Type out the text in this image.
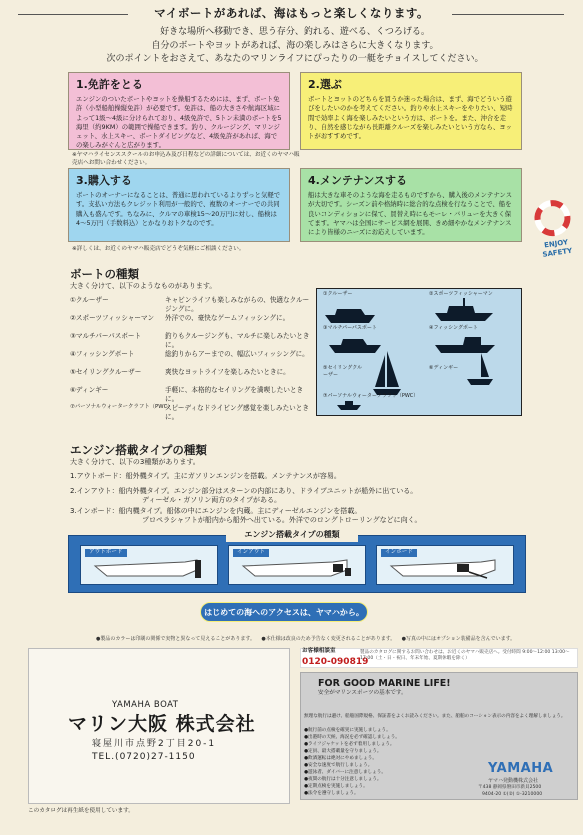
マイボートがあれば、海はもっと楽しくなります。
好きな場所へ移動でき、思う存分、釣れる、遊べる、くつろげる。
自分のボートやヨットがあれば、海の楽しみはさらに大きくなります。
次のポイントをおさえて、あなたのマリンライフにぴったりの一艇をチョイスしてください。
1.免許をとる
エンジンのついたボートやヨットを操船するためには、まず、ボート免許（小型船舶操縦免許）が必要です。免許は、船の大きさや航海区域によって1級〜4級に分けられており、4級免許で、5トン未満のボートを5海里（約9KM）の範囲で操船できます。釣り、クルージング、マリンジェット、水上スキー、ボートダイビングなど、4級免許があれば、海での楽しみがぐんと広がります。
2.選ぶ
ボートとヨットのどちらを買うか迷った場合は、まず、海でどういう遊びをしたいのかを考えてください。釣りや水上スキーをやりたい、短時間で効率よく海を楽しみたいという方は、ボートを。また、沖合を走り、自然を感じながら長距離クルーズを楽しみたいという方なら、ヨットがおすすめです。
※ヤマハライセンススクールのお申込み及び日程などの詳細については、お近くのヤマハ販売店へお問い合わせください。
3.購入する
ボートのオーナーになることは、普通に思われているよりずっと気軽です。支払い方法もクレジット利用が一般的で、複数のオーナーでの共同購入も盛んです。ちなみに、クルマの車検15〜20万円に対し、船検は4〜5万円（手数料込）とかなりおトクなのです。
4.メンテナンスする
船は大きな車そのような海を走るものですから、購入後のメンテナンスが大切です。シーズン前や格納時に総合的な点検を行なうことで、船を良いコンディションに保て、買替え時にもモーレ・バリューを大きく保てます。ヤマハは全国にサービス網を展開、きめ細やかなメンテナンスにより皆様のニーズにお応えしています。
※詳しくは、お近くのヤマハ販売店でどうぞ気軽にご相談ください。	ENJOY
SAFETY
ボートの種類
大きく分けて、以下のようなものがあります。
①クルーザー	キャビンライフも楽しみながらの、快適なクルージングに。
②スポーツフィッシャーマン	外洋での、豪快なゲームフィッシングに。
③マルチパーパスボート	釣りもクルージングも、マルチに楽しみたいときに。
④フィッシングボート	総釣りからアーまでの、幅広いフィッシングに。
⑤セイリングクルーザー	爽快なヨットライフを楽しみたいときに。
⑥ディンギー	手軽に、本格的なセイリングを満喫したいときに。
⑦パーソナルウォータークラフト（PWC）
スピーディなドライビング感覚を楽しみたいときに。
①クルーザー	②スポーツフィッシャーマン
③マルチパーパスボート	④フィッシングボート
⑤セイリングクルーザー
⑥ディンギー
⑦パーソナルウォータークラフト（PWC）
エンジン搭載タイプの種類
大きく分けて、以下の3種類があります。
1.アウトボード：船外機タイプ。主にガソリンエンジンを搭載。メンテナンスが容易。
2.インアウト：船内外機タイプ。エンジン部分はスターンの内部にあり、ドライブユニットが船外に出ている。
ディーゼル・ガソリン両方のタイプがある。
3.インボード：船内機タイプ。船体の中にエンジンを内蔵。主にディーゼルエンジンを搭載。
プロペラシャフトが船内から船外へ出ている。外洋でのロングトローリングなどに向く。
エンジン搭載タイプの種類
アウトボード	インアウト	インボード
はじめての海へのアクセスは、ヤマハから。
●製品のカラーは印刷の関係で実物と異なって見えることがあります。 ●本仕様は改良のため予告なく変更されることがあります。 ●写真の中にはオプション装備品を含んでいます。
YAMAHA BOAT
マリン大阪 株式会社
寝屋川市点野2丁目20-1
TEL.(0720)27-1150
このカタログは再生紙を使用しています。
お客様相談室
0120-090819
製品のカタログに関するお問い合わせは、お近くのヤマハ販売店へ。受付時間 9:00〜12:00 13:00〜17:00（土・日・祝日、年末年始、夏期休暇を除く）
FOR GOOD MARINE LIFE!
安全がマリンスポーツの基本です。
無理な航行は避け、船舶国際規格、保証書をよくお読みください。また、船舶のコーション表示の内容をよく理解しましょう。
●航行前の点検を確実に実施しましょう。
●出港時の天候、海況を必ず確認しましょう。
●ライフジャケットを必ず着用しましょう。
●定員、最大搭載量を守りましょう。
●飲酒運転は絶対にやめましょう。
●安全な速度で航行しましょう。
●遊泳者、ダイバーに注意しましょう。
●夜間の航行は十分注意しましょう。
●定期点検を実施しましょう。
●法令を遵守しましょう。
YAMAHA
ヤマハ発動機株式会社
〒438 静岡県磐田市新貝2500
9404-20 ①(②) ①-3210000
